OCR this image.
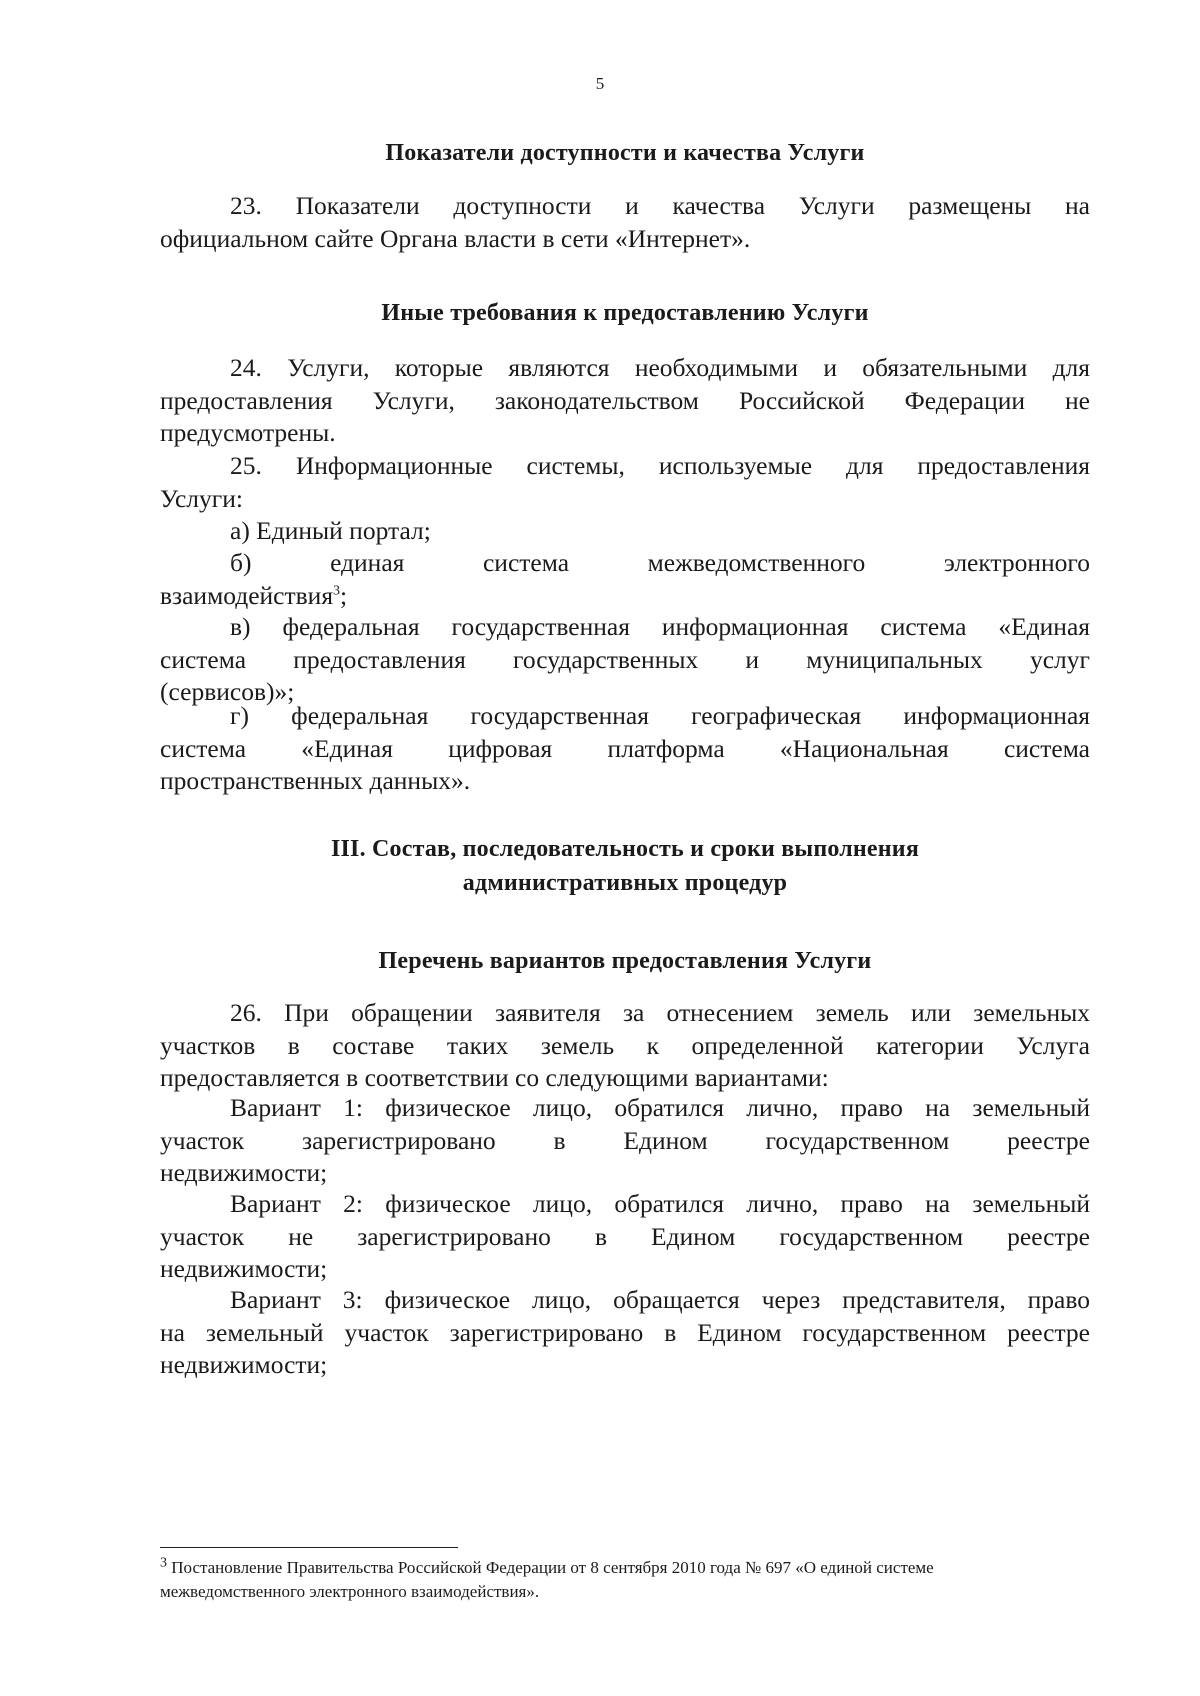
5
Показатели доступности и качества Услуги
23. Показатели доступности и качества Услуги размещены на
официальном сайте Органа власти в сети «Интернет».
Иные требования к предоставлению Услуги
24. Услуги, которые являются необходимыми и обязательными для
предоставления Услуги, законодательством Российской Федерации не
предусмотрены.
25. Информационные системы, используемые для предоставления
Услуги:
а) Единый портал;
б) единая система межведомственного электронного
взаимодействия$^3$;
в) федеральная государственная информационная система «Единая
система предоставления государственных и муниципальных услуг
(сервисов)»;
г) федеральная государственная географическая информационная
система «Единая цифровая платформа «Национальная система
пространственных данных».
III. Состав, последовательность и сроки выполнения
административных процедур
Перечень вариантов предоставления Услуги
26. При обращении заявителя за отнесением земель или земельных
участков в составе таких земель к определенной категории Услуга
предоставляется в соответствии со следующими вариантами:
Вариант 1: физическое лицо, обратился лично, право на земельный
участок зарегистрировано в Едином государственном реестре
недвижимости;
Вариант 2: физическое лицо, обратился лично, право на земельный
участок не зарегистрировано в Едином государственном реестре
недвижимости;
Вариант 3: физическое лицо, обращается через представителя, право
на земельный участок зарегистрировано в Едином государственном реестре
недвижимости;
$^3$ Постановление Правительства Российской Федерации от 8 сентября 2010 года № 697 «О единой системе
межведомственного электронного взаимодействия».
